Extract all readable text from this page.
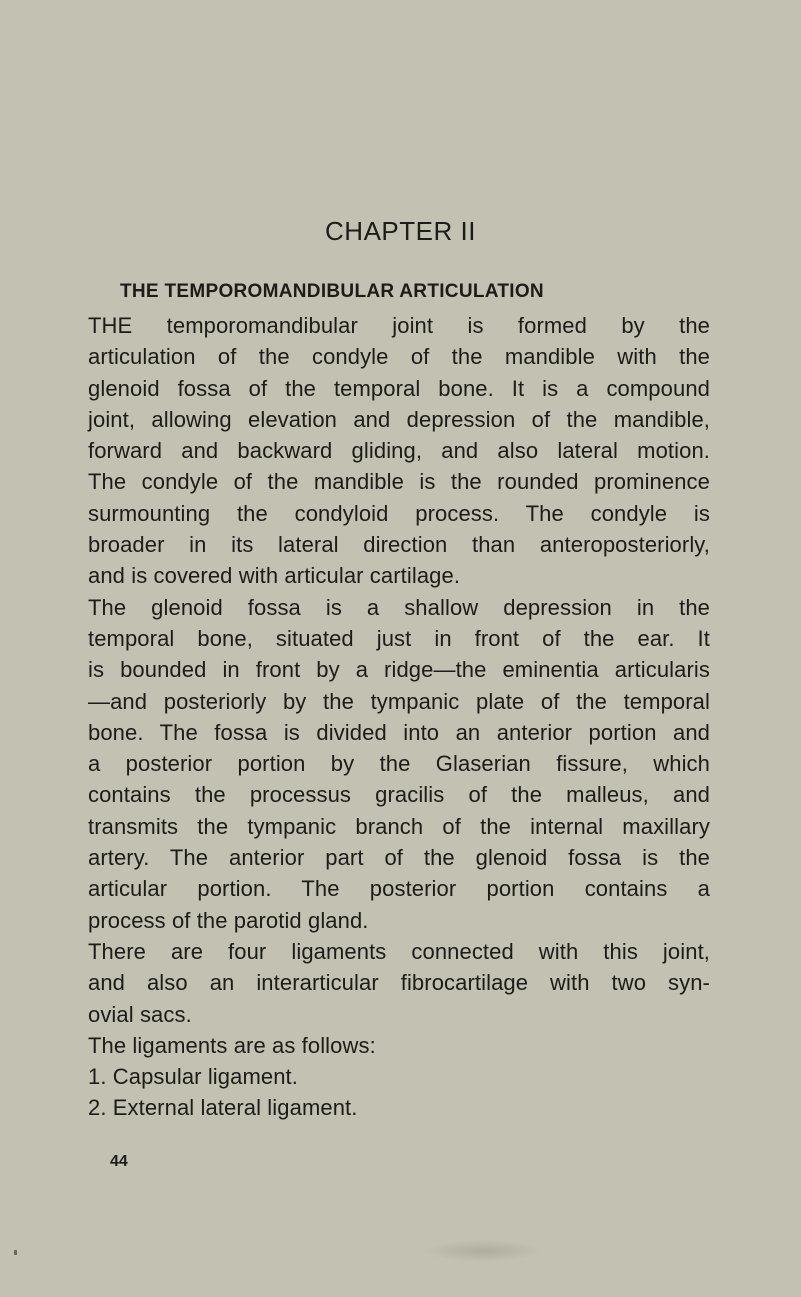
CHAPTER II
THE TEMPOROMANDIBULAR ARTICULATION
THE temporomandibular joint is formed by the
articulation of the condyle of the mandible with the
glenoid fossa of the temporal bone. It is a compound
joint, allowing elevation and depression of the mandible,
forward and backward gliding, and also lateral motion.
The condyle of the mandible is the rounded prominence
surmounting the condyloid process. The condyle is
broader in its lateral direction than anteroposteriorly,
and is covered with articular cartilage.
The glenoid fossa is a shallow depression in the
temporal bone, situated just in front of the ear. It
is bounded in front by a ridge—the eminentia articularis
—and posteriorly by the tympanic plate of the temporal
bone. The fossa is divided into an anterior portion and
a posterior portion by the Glaserian fissure, which
contains the processus gracilis of the malleus, and
transmits the tympanic branch of the internal maxillary
artery. The anterior part of the glenoid fossa is the
articular portion. The posterior portion contains a
process of the parotid gland.
There are four ligaments connected with this joint,
and also an interarticular fibrocartilage with two syn-
ovial sacs.
The ligaments are as follows:
1. Capsular ligament.
2. External lateral ligament.
44
